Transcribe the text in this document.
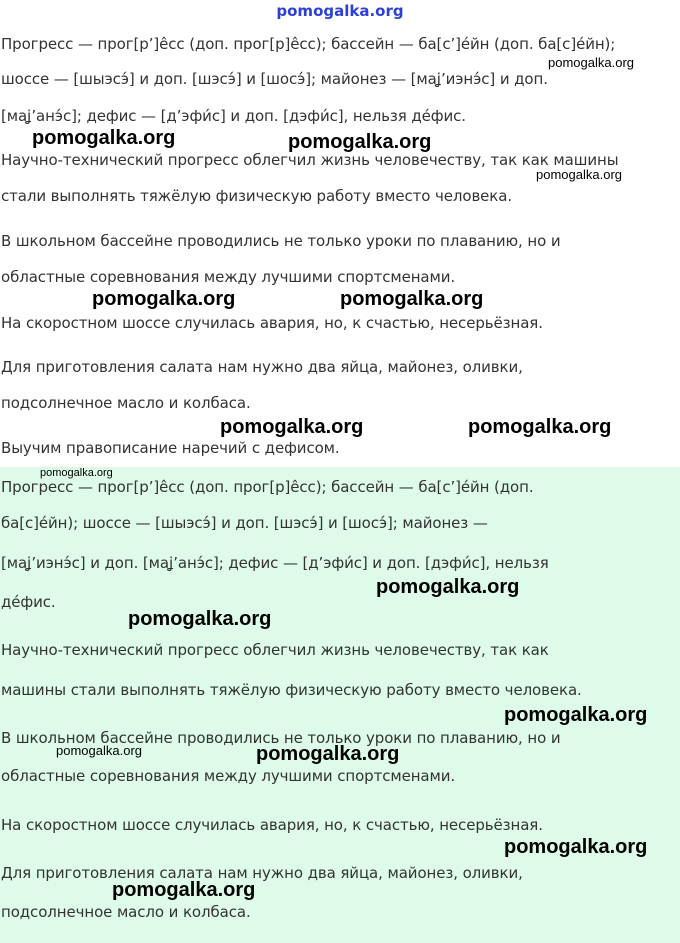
pomogalka.org
Прогресс — прог[рʼ]е̂сс (доп. прог[р]е̂сс); бассейн — ба[сʼ]е́йн (доп. ба[с]е́йн);
шоссе — [шыэсэ́] и доп. [шэсэ́] и [шосэ́]; майонез — [маʝʼиэнэ́с] и доп.
[маʝʼанэ́с]; дефис — [дʼэфи́с] и доп. [дэфи́с], нельзя де́фис.
Научно-технический прогресс облегчил жизнь человечеству, так как машины
стали выполнять тяжёлую физическую работу вместо человека.
В школьном бассейне проводились не только уроки по плаванию, но и
областные соревнования между лучшими спортсменами.
На скоростном шоссе случилась авария, но, к счастью, несерьёзная.
Для приготовления салата нам нужно два яйца, майонез, оливки,
подсолнечное масло и колбаса.
Выучим правописание наречий с дефисом.
Прогресс — прог[рʼ]е̂сс (доп. прог[р]е̂сс); бассейн — ба[сʼ]е́йн (доп.
ба[с]е́йн); шоссе — [шыэсэ́] и доп. [шэсэ́] и [шосэ́]; майонез —
[маʝʼиэнэ́с] и доп. [маʝʼанэ́с]; дефис — [дʼэфи́с] и доп. [дэфи́с], нельзя
де́фис.
Научно-технический прогресс облегчил жизнь человечеству, так как
машины стали выполнять тяжёлую физическую работу вместо человека.
В школьном бассейне проводились не только уроки по плаванию, но и
областные соревнования между лучшими спортсменами.
На скоростном шоссе случилась авария, но, к счастью, несерьёзная.
Для приготовления салата нам нужно два яйца, майонез, оливки,
подсолнечное масло и колбаса.
pomogalka.org
pomogalka.org	pomogalka.org
pomogalka.org
pomogalka.org	pomogalka.org
pomogalka.org	pomogalka.org
pomogalka.org
pomogalka.org
pomogalka.org
pomogalka.org
pomogalka.org	pomogalka.org
pomogalka.org
pomogalka.org
